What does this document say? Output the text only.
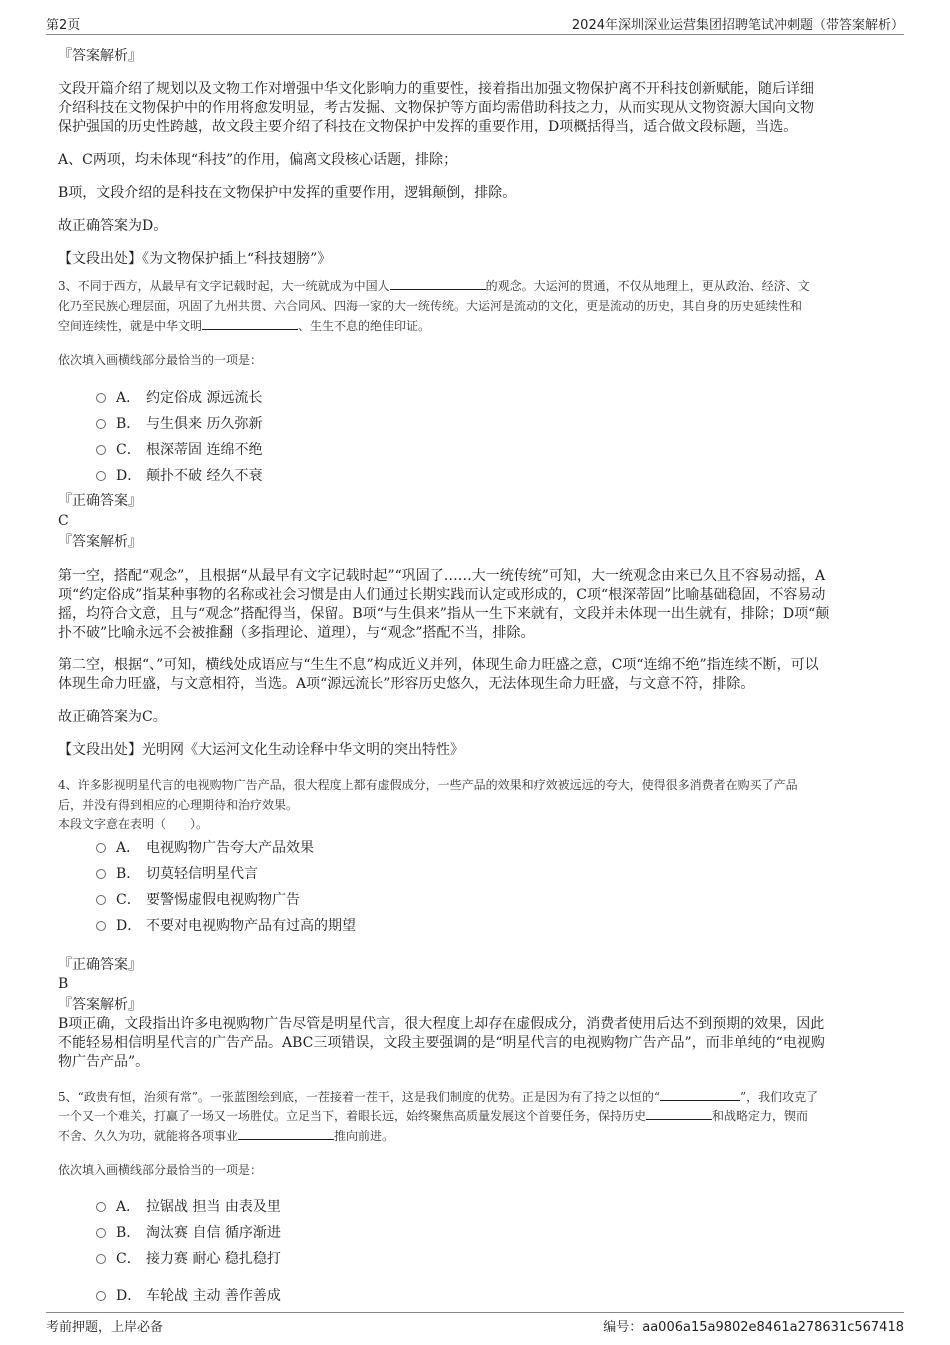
第2页	2024年深圳深业运营集团招聘笔试冲刺题（带答案解析）

『答案解析』

文段开篇介绍了规划以及文物工作对增强中华文化影响力的重要性，接着指出加强文物保护离不开科技创新赋能，随后详细

介绍科技在文物保护中的作用将愈发明显，考古发掘、文物保护等方面均需借助科技之力，从而实现从文物资源大国向文物

保护强国的历史性跨越，故文段主要介绍了科技在文物保护中发挥的重要作用，D项概括得当，适合做文段标题，当选。

A、C两项，均未体现“科技”的作用，偏离文段核心话题，排除；

B项，文段介绍的是科技在文物保护中发挥的重要作用，逻辑颠倒，排除。

故正确答案为D。

【文段出处】《为文物保护插上“科技翅膀”》

3、不同于西方，从最早有文字记载时起，大一统就成为中国人	的观念。大运河的贯通，不仅从地理上，更从政治、经济、文

化乃至民族心理层面，巩固了九州共贯、六合同风、四海一家的大一统传统。大运河是流动的文化，更是流动的历史，其自身的历史延续性和

空间连续性，就是中华文明	、生生不息的绝佳印证。

依次填入画横线部分最恰当的一项是：

A． 约定俗成 源远流长
B． 与生俱来 历久弥新
C． 根深蒂固 连绵不绝
D． 颠扑不破 经久不衰

『正确答案』

C

『答案解析』

第一空，搭配“观念”，且根据“从最早有文字记载时起”“巩固了……大一统传统”可知，大一统观念由来已久且不容易动摇，A

项“约定俗成”指某种事物的名称或社会习惯是由人们通过长期实践而认定或形成的，C项“根深蒂固”比喻基础稳固，不容易动

摇，均符合文意，且与“观念”搭配得当，保留。B项“与生俱来”指从一生下来就有，文段并未体现一出生就有，排除；D项“颠

扑不破”比喻永远不会被推翻（多指理论、道理），与“观念”搭配不当，排除。

第二空，根据“、”可知，横线处成语应与“生生不息”构成近义并列，体现生命力旺盛之意，C项“连绵不绝”指连续不断，可以

体现生命力旺盛，与文意相符，当选。A项“源远流长”形容历史悠久，无法体现生命力旺盛，与文意不符，排除。

故正确答案为C。

【文段出处】光明网《大运河文化生动诠释中华文明的突出特性》

4、许多影视明星代言的电视购物广告产品，很大程度上都有虚假成分，一些产品的效果和疗效被远远的夸大，使得很多消费者在购买了产品

后，并没有得到相应的心理期待和治疗效果。

本段文字意在表明（　　）。

A． 电视购物广告夸大产品效果
B． 切莫轻信明星代言
C． 要警惕虚假电视购物广告
D． 不要对电视购物产品有过高的期望

『正确答案』

B

『答案解析』

B项正确，文段指出许多电视购物广告尽管是明星代言，很大程度上却存在虚假成分，消费者使用后达不到预期的效果，因此

不能轻易相信明星代言的广告产品。ABC三项错误，文段主要强调的是“明星代言的电视购物广告产品”，而非单纯的“电视购

物广告产品”。

5、“政贵有恒，治须有常”。一张蓝图绘到底，一茬接着一茬干，这是我们制度的优势。正是因为有了持之以恒的“	”，我们攻克了

一个又一个难关，打赢了一场又一场胜仗。立足当下，着眼长远，始终聚焦高质量发展这个首要任务，保持历史	和战略定力，锲而

不舍、久久为功，就能将各项事业	推向前进。

依次填入画横线部分最恰当的一项是：

A． 拉锯战 担当 由表及里
B． 淘汰赛 自信 循序渐进
C． 接力赛 耐心 稳扎稳打
D． 车轮战 主动 善作善成
考前押题，上岸必备	编号：aa006a15a9802e8461a278631c567418
